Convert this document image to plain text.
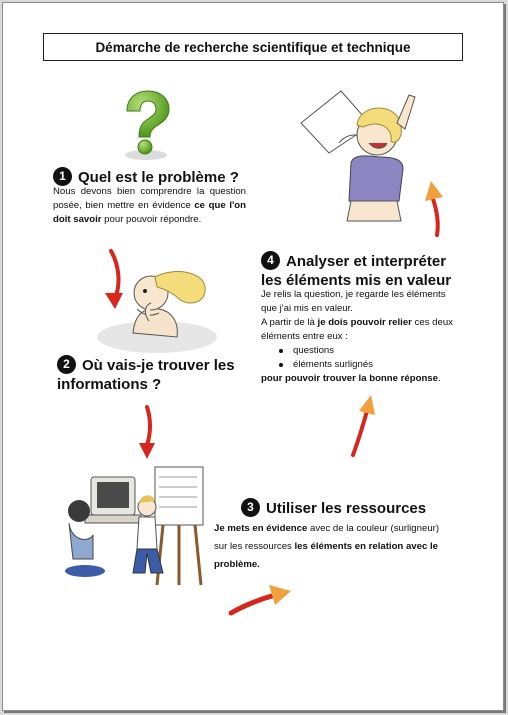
Démarche de recherche scientifique et technique
1 Quel est le problème ?
Nous devons bien comprendre la question posée, bien mettre en évidence ce que l'on doit savoir pour pouvoir répondre.
2 Où vais-je trouver les
informations ?
3 Utiliser les ressources
Je mets en évidence avec de la couleur (surligneur) sur les ressources les éléments en relation avec le problème.
4 Analyser et interpréter
les éléments mis en valeur
Je relis la question, je regarde les éléments que j'ai mis en valeur.
A partir de là je dois pouvoir relier ces deux éléments entre eux :
questions
éléments surlignés
pour pouvoir trouver la bonne réponse.
